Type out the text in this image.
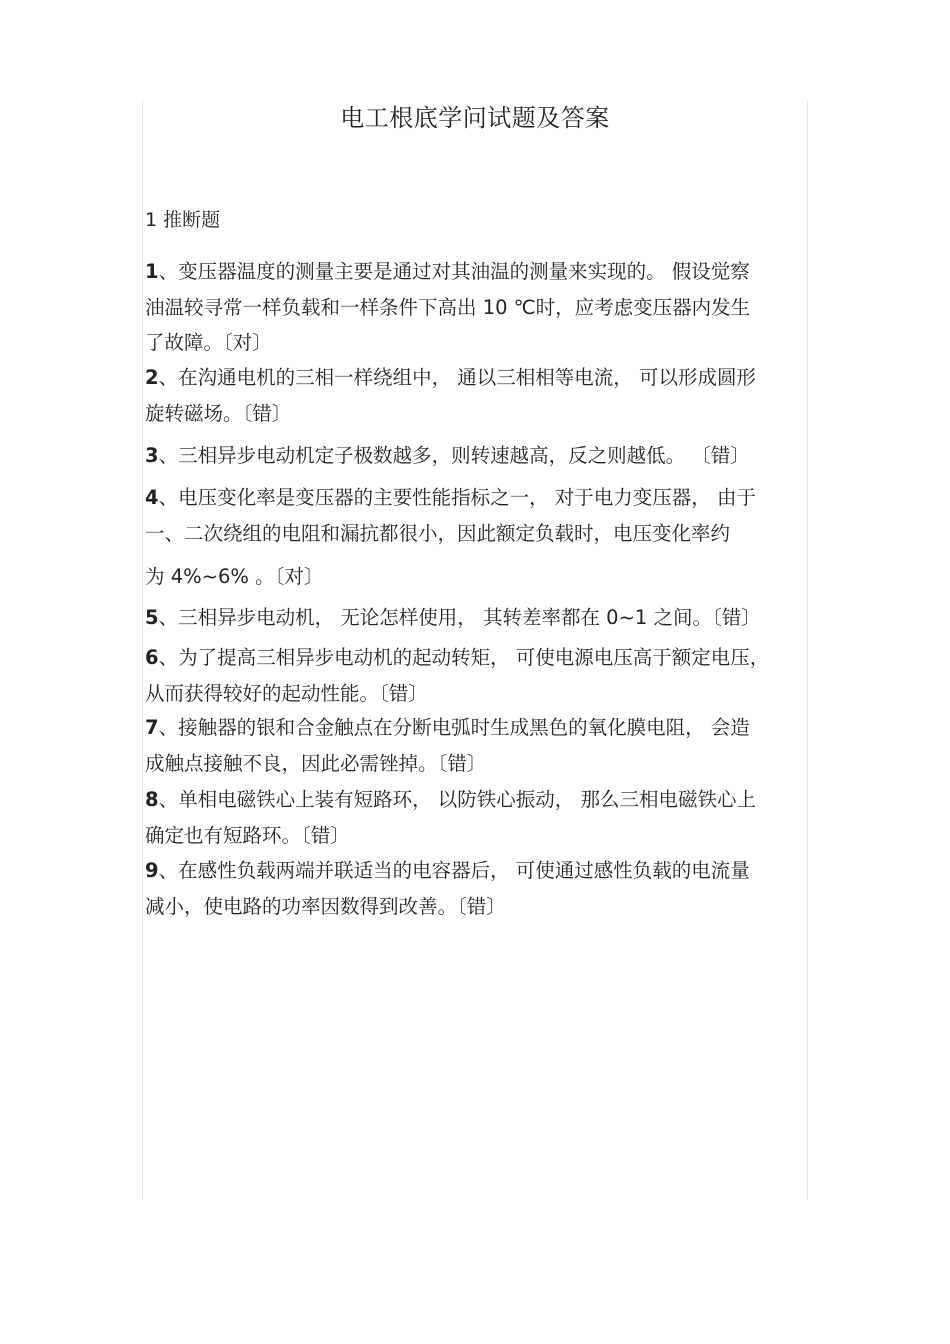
电工根底学问试题及答案
1 推断题
1、变压器温度的测量主要是通过对其油温的测量来实现的。 假设觉察
油温较寻常一样负载和一样条件下高出 10 ℃时，应考虑变压器内发生
了故障。〔对〕
2、在沟通电机的三相一样绕组中， 通以三相相等电流， 可以形成圆形
旋转磁场。〔错〕
3、三相异步电动机定子极数越多，则转速越高，反之则越低。 〔错〕
4、电压变化率是变压器的主要性能指标之一， 对于电力变压器， 由于
一、二次绕组的电阻和漏抗都很小，因此额定负载时，电压变化率约
为 4%~6% 。〔对〕
5、三相异步电动机， 无论怎样使用， 其转差率都在 0~1 之间。〔错〕
6、为了提高三相异步电动机的起动转矩， 可使电源电压高于额定电压，
从而获得较好的起动性能。〔错〕
7、接触器的银和合金触点在分断电弧时生成黑色的氧化膜电阻， 会造
成触点接触不良，因此必需锉掉。〔错〕
8、单相电磁铁心上装有短路环， 以防铁心振动， 那么三相电磁铁心上
确定也有短路环。〔错〕
9、在感性负载两端并联适当的电容器后， 可使通过感性负载的电流量
减小，使电路的功率因数得到改善。〔错〕
